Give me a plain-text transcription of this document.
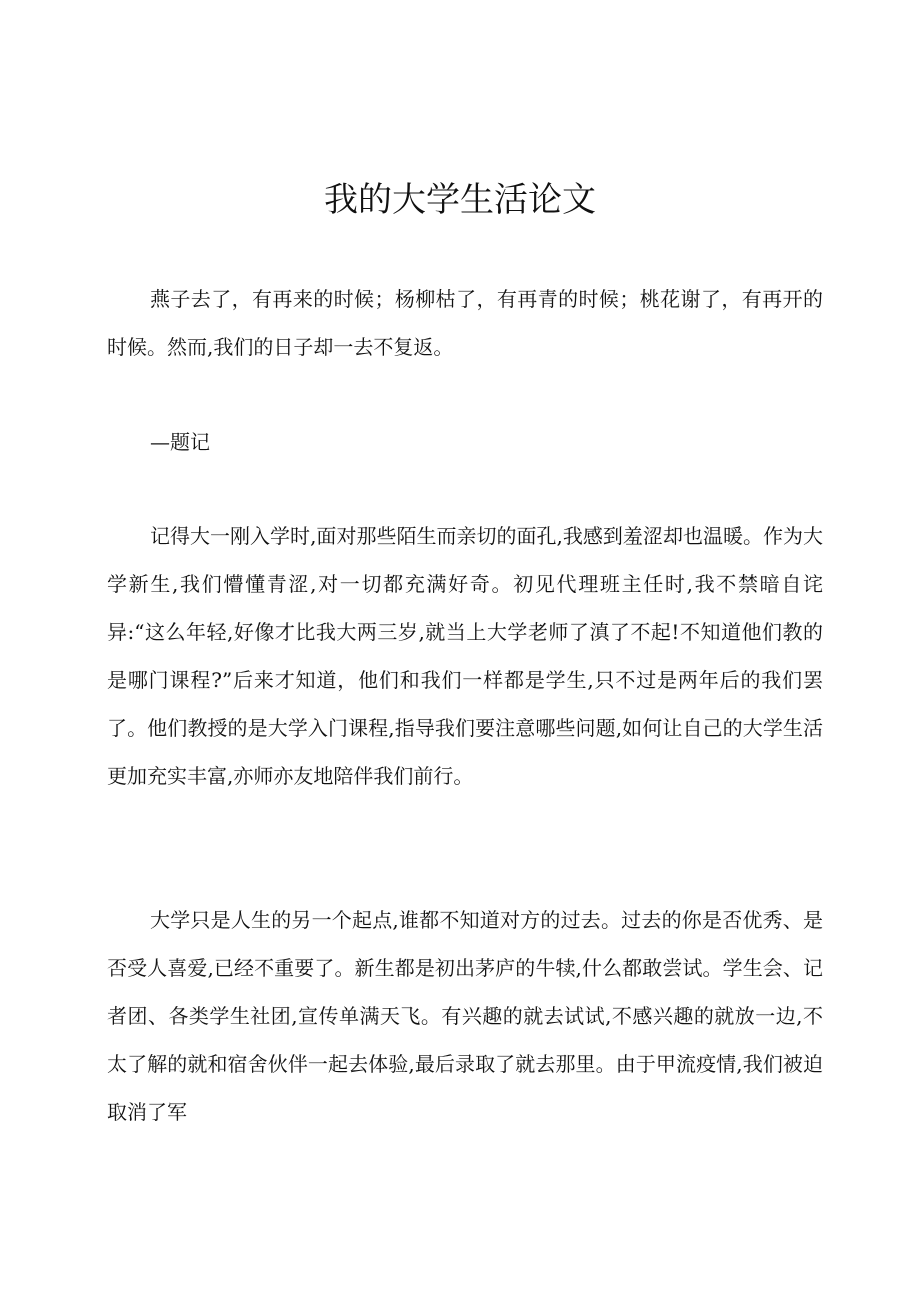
我的大学生活论文

燕子去了，有再来的时候；杨柳枯了，有再青的时候；桃花谢了，有再开的时候。然而,我们的日子却一去不复返。

—题记

记得大一刚入学时,面对那些陌生而亲切的面孔,我感到羞涩却也温暖。作为大学新生,我们懵懂青涩,对一切都充满好奇。初见代理班主任时,我不禁暗自诧异:“这么年轻,好像才比我大两三岁,就当上大学老师了滇了不起!不知道他们教的是哪门课程?”后来才知道，他们和我们一样都是学生,只不过是两年后的我们罢了。他们教授的是大学入门课程,指导我们要注意哪些问题,如何让自己的大学生活更加充实丰富,亦师亦友地陪伴我们前行。

大学只是人生的另一个起点,谁都不知道对方的过去。过去的你是否优秀、是否受人喜爱,已经不重要了。新生都是初出茅庐的牛犊,什么都敢尝试。学生会、记者团、各类学生社团,宣传单满天飞。有兴趣的就去试试,不感兴趣的就放一边,不太了解的就和宿舍伙伴一起去体验,最后录取了就去那里。由于甲流疫情,我们被迫取消了军
